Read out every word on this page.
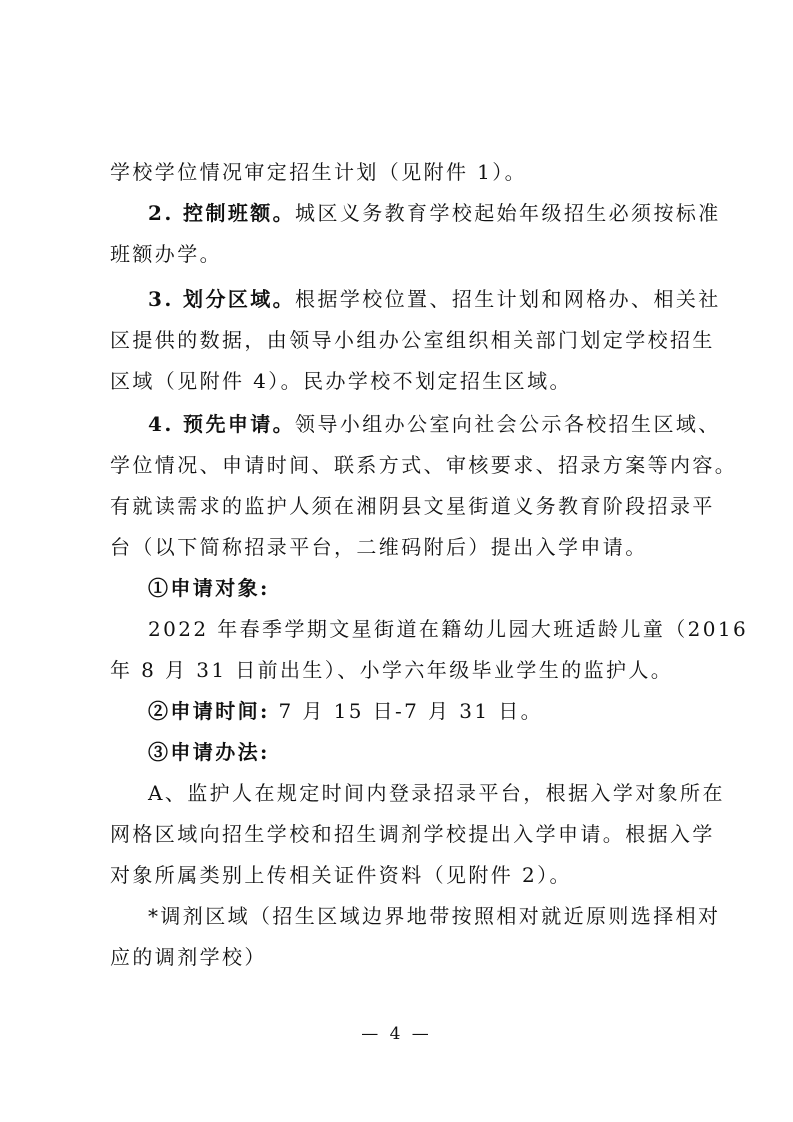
学校学位情况审定招生计划（见附件 1）。
2. 控制班额。城区义务教育学校起始年级招生必须按标准
班额办学。
3. 划分区域。根据学校位置、招生计划和网格办、相关社
区提供的数据，由领导小组办公室组织相关部门划定学校招生
区域（见附件 4）。民办学校不划定招生区域。
4. 预先申请。领导小组办公室向社会公示各校招生区域、
学位情况、申请时间、联系方式、审核要求、招录方案等内容。
有就读需求的监护人须在湘阴县文星街道义务教育阶段招录平
台（以下简称招录平台，二维码附后）提出入学申请。
①申请对象:
2022 年春季学期文星街道在籍幼儿园大班适龄儿童（2016
年 8 月 31 日前出生）、小学六年级毕业学生的监护人。
②申请时间: 7 月 15 日-7 月 31 日。
③申请办法:
A、监护人在规定时间内登录招录平台，根据入学对象所在
网格区域向招生学校和招生调剂学校提出入学申请。根据入学
对象所属类别上传相关证件资料（见附件 2）。
*调剂区域（招生区域边界地带按照相对就近原则选择相对
应的调剂学校）
— 4 —
